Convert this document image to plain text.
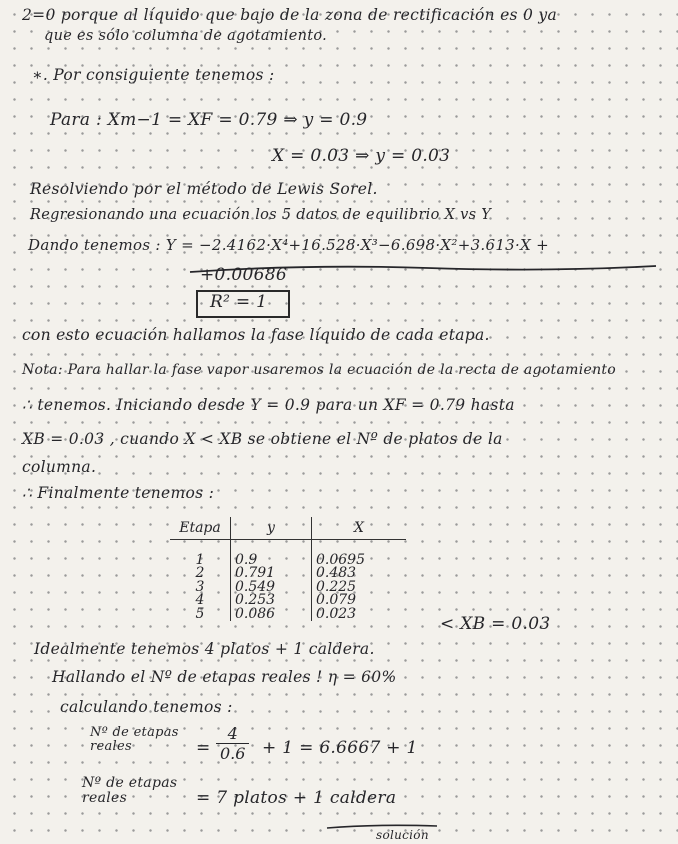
2=0 porque al líquido que bajo de la zona de rectificación es 0 ya
que es sólo columna de agotamiento.
∗. Por consiguiente tenemos :
Para : Xm−1 = XF = 0.79 ⇒ y = 0.9
X = 0.03 ⇒ y = 0.03
Resolviendo por el método de Lewis Sorel.
Regresionando una ecuación los 5 datos de equilibrio X vs Y
Dando tenemos : Y = −2.4162·X⁴+16.528·X³−6.698·X²+3.613·X +
+0.00686
R² = 1
con esto ecuación hallamos la fase líquido de cada etapa.
Nota: Para hallar la fase vapor usaremos la ecuación de la recta de agotamiento
∴ tenemos. Iniciando desde Y = 0.9 para un XF = 0.79 hasta
XB = 0.03 , cuando X < XB se obtiene el Nº de platos de la
columna.
∴ Finalmente tenemos :
Etapa	y	X

1	0.9	0.0695
2	0.791	0.483
3	0.549	0.225
4	0.253	0.079
5	0.086	0.023
< XB = 0.03
Idealmente tenemos 4 platos + 1 caldera.
Hallando el Nº de etapas reales ! η = 60%
calculando tenemos :
Nº de etapas
reales	= $\frac{4}{0.6} + 1 = 6.6667 + 1$
Nº de etapas
reales	= 7 platos + 1 caldera
solución
